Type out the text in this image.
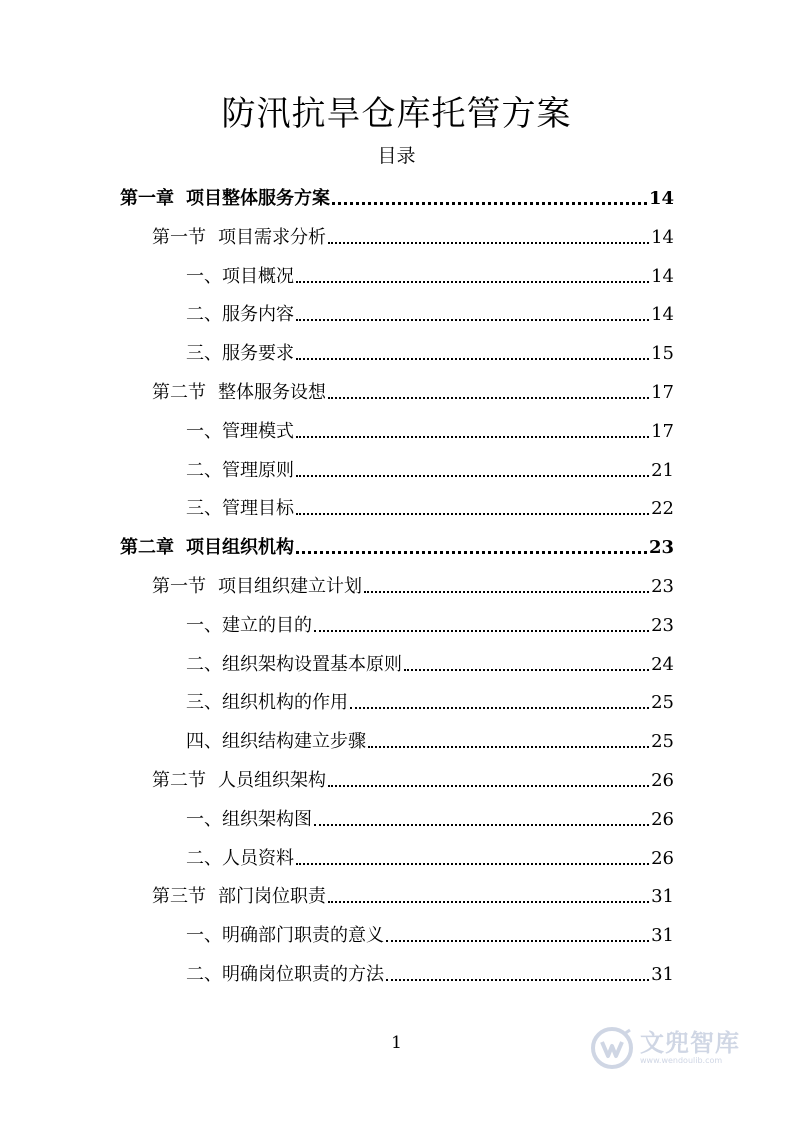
防汛抗旱仓库托管方案
目录
第一章 项目整体服务方案	14
第一节 项目需求分析	14
一、项目概况	14
二、服务内容	14
三、服务要求	15
第二节 整体服务设想	17
一、管理模式	17
二、管理原则	21
三、管理目标	22
第二章 项目组织机构	23
第一节 项目组织建立计划	23
一、建立的目的	23
二、组织架构设置基本原则	24
三、组织机构的作用	25
四、组织结构建立步骤	25
第二节 人员组织架构	26
一、组织架构图	26
二、人员资料	26
第三节 部门岗位职责	31
一、明确部门职责的意义	31
二、明确岗位职责的方法	31
1	文兜智库
www.wendoulib.com
